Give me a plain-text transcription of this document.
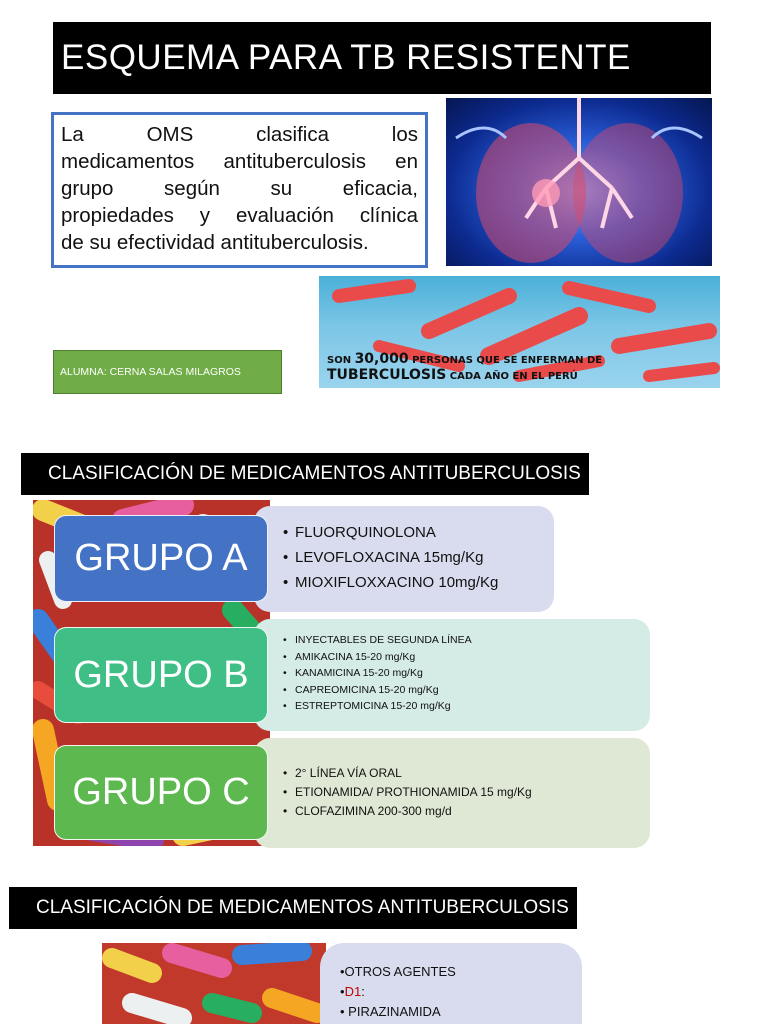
ESQUEMA PARA TB RESISTENTE

La OMS clasifica los

medicamentos antituberculosis en

grupo según su eficacia,

propiedades y evaluación clínica

de su efectividad antituberculosis.

SON 30,000 PERSONAS QUE SE ENFERMAN DE
TUBERCULOSIS CADA AÑO EN EL PERÚ
ALUMNA: CERNA SALAS MILAGROS
CLASIFICACIÓN DE MEDICAMENTOS ANTITUBERCULOSIS
GRUPO A
GRUPO B
GRUPO C
• FLUORQUINOLONA
• LEVOFLOXACINA 15mg/Kg
• MIOXIFLOXXACINO 10mg/Kg
• INYECTABLES DE SEGUNDA LÍNEA
• AMIKACINA 15-20 mg/Kg
• KANAMICINA 15-20 mg/Kg
• CAPREOMICINA 15-20 mg/Kg
• ESTREPTOMICINA 15-20 mg/Kg
• 2° LÍNEA VÍA ORAL
• ETIONAMIDA/ PROTHIONAMIDA 15 mg/Kg
• CLOFAZIMINA 200-300 mg/d
CLASIFICACIÓN DE MEDICAMENTOS ANTITUBERCULOSIS
•OTROS AGENTES
•D1:
• PIRAZINAMIDA
